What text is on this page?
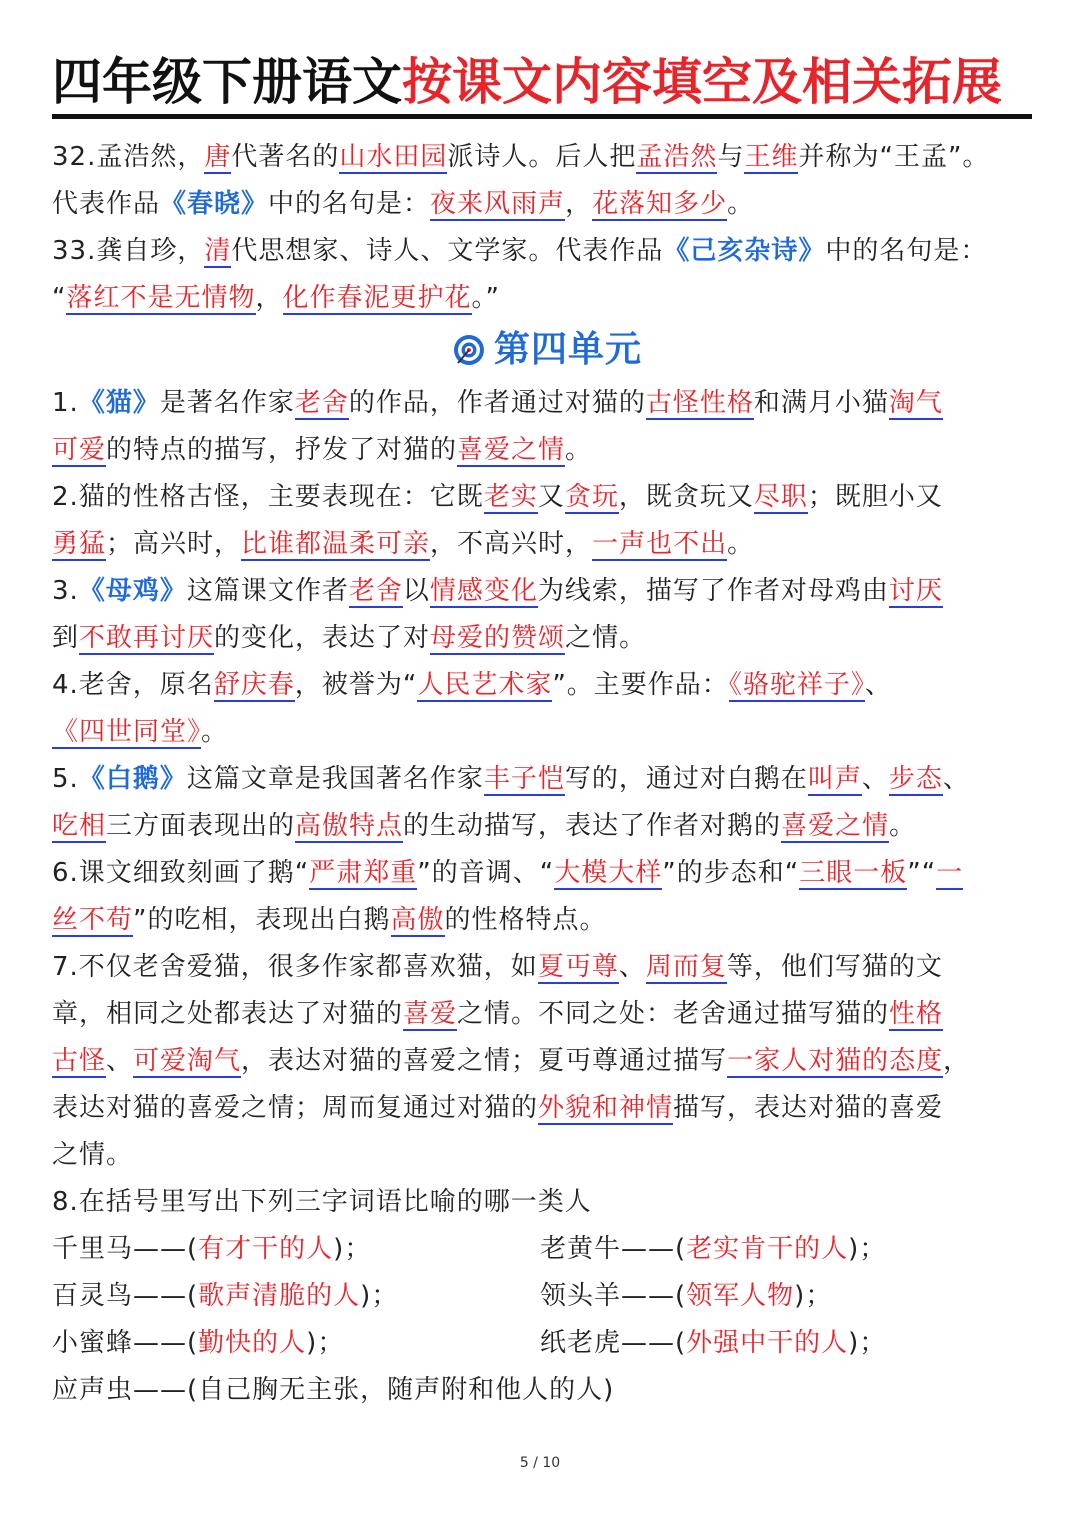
四年级下册语文按课文内容填空及相关拓展

32.孟浩然，唐代著名的山水田园派诗人。后人把孟浩然与王维并称为“王孟”。
代表作品《春晓》中的名句是：夜来风雨声，花落知多少。

33.龚自珍，清代思想家、诗人、文学家。代表作品《己亥杂诗》中的名句是：
“落红不是无情物，化作春泥更护花。”

第四单元

1.《猫》是著名作家老舍的作品，作者通过对猫的古怪性格和满月小猫淘气
可爱的特点的描写，抒发了对猫的喜爱之情。

2.猫的性格古怪，主要表现在：它既老实又贪玩，既贪玩又尽职；既胆小又
勇猛；高兴时，比谁都温柔可亲，不高兴时，一声也不出。

3.《母鸡》这篇课文作者老舍以情感变化为线索，描写了作者对母鸡由讨厌
到不敢再讨厌的变化，表达了对母爱的赞颂之情。

4.老舍，原名舒庆春，被誉为“人民艺术家”。主要作品：《骆驼祥子》、
《四世同堂》。

5.《白鹅》这篇文章是我国著名作家丰子恺写的，通过对白鹅在叫声、步态、
吃相三方面表现出的高傲特点的生动描写，表达了作者对鹅的喜爱之情。

6.课文细致刻画了鹅“严肃郑重”的音调、“大模大样”的步态和“三眼一板”“一
丝不苟”的吃相，表现出白鹅高傲的性格特点。

7.不仅老舍爱猫，很多作家都喜欢猫，如夏丏尊、周而复等，他们写猫的文
章，相同之处都表达了对猫的喜爱之情。不同之处：老舍通过描写猫的性格
古怪、可爱淘气，表达对猫的喜爱之情；夏丏尊通过描写一家人对猫的态度，
表达对猫的喜爱之情；周而复通过对猫的外貌和神情描写，表达对猫的喜爱
之情。

8.在括号里写出下列三字词语比喻的哪一类人

千里马——(有才干的人)；	老黄牛——(老实肯干的人)；
百灵鸟——(歌声清脆的人)；	领头羊——(领军人物)；
小蜜蜂——(勤快的人)；	纸老虎——(外强中干的人)；

应声虫——(自己胸无主张，随声附和他人的人)

5 / 10
